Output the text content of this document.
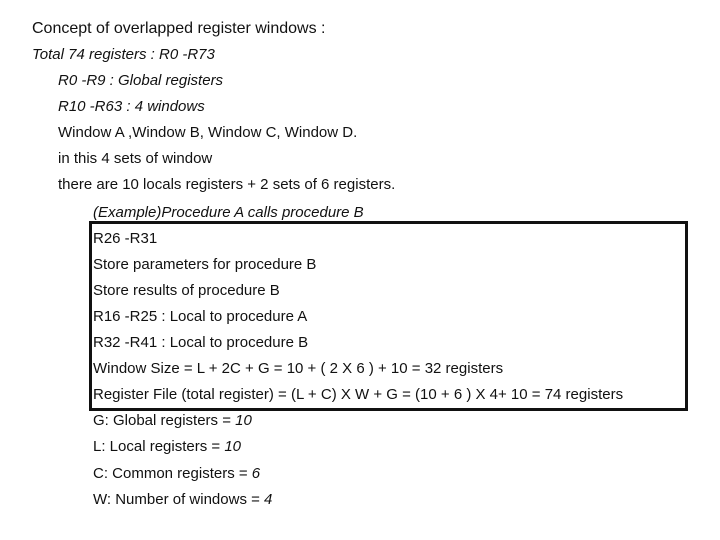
Concept of overlapped register windows :
Total 74 registers : R0 -R73
R0 -R9 : Global registers
R10 -R63 : 4 windows
Window A ,Window B, Window C, Window D.
in this 4 sets of window
there are 10 locals registers + 2 sets of 6 registers.
(Example)Procedure A calls procedure B
R26 -R31
Store parameters for procedure B
Store results of procedure B
R16 -R25 : Local to procedure A
R32 -R41 : Local to procedure B
Window Size = L + 2C + G = 10 + ( 2 X 6 ) + 10 = 32 registers
Register File (total register) = (L + C) X W + G = (10 + 6 ) X 4+ 10 = 74 registers
G: Global registers = 10
L: Local registers = 10
C: Common registers = 6
W: Number of windows = 4
